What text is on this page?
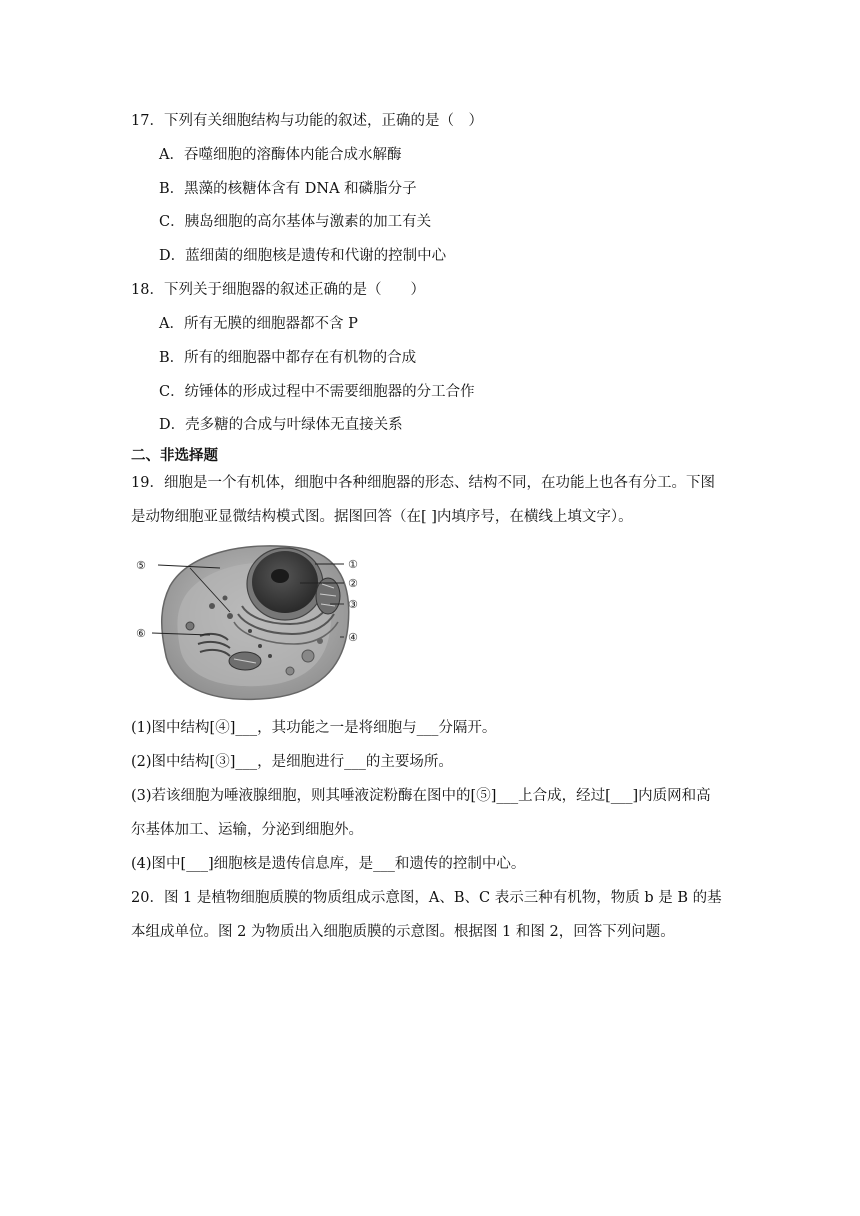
17．下列有关细胞结构与功能的叙述，正确的是（　）
A．吞噬细胞的溶酶体内能合成水解酶
B．黑藻的核糖体含有 DNA 和磷脂分子
C．胰岛细胞的高尔基体与激素的加工有关
D．蓝细菌的细胞核是遗传和代谢的控制中心
18．下列关于细胞器的叙述正确的是（　　）
A．所有无膜的细胞器都不含 P
B．所有的细胞器中都存在有机物的合成
C．纺锤体的形成过程中不需要细胞器的分工合作
D．壳多糖的合成与叶绿体无直接关系
二、非选择题
19．细胞是一个有机体，细胞中各种细胞器的形态、结构不同，在功能上也各有分工。下图
是动物细胞亚显微结构模式图。据图回答（在[ ]内填序号，在横线上填文字）。
①
②
③
④
⑤
⑥
(1)图中结构[④]___，其功能之一是将细胞与___分隔开。
(2)图中结构[③]___，是细胞进行___的主要场所。
(3)若该细胞为唾液腺细胞，则其唾液淀粉酶在图中的[⑤]___上合成，经过[___]内质网和高
尔基体加工、运输，分泌到细胞外。
(4)图中[___]细胞核是遗传信息库，是___和遗传的控制中心。
20．图 1 是植物细胞质膜的物质组成示意图，A、B、C 表示三种有机物，物质 b 是 B 的基
本组成单位。图 2 为物质出入细胞质膜的示意图。根据图 1 和图 2，回答下列问题。
